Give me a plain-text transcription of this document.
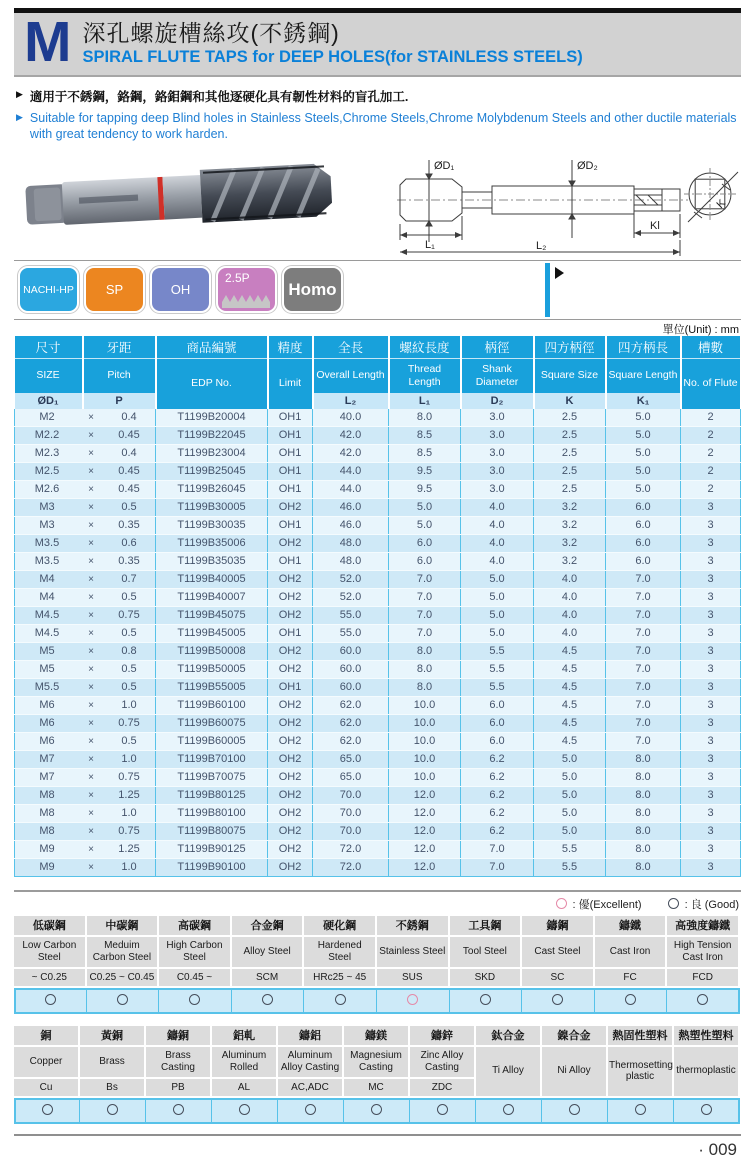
M 深孔螺旋槽絲攻(不銹鋼)
SPIRAL FLUTE TAPS for DEEP HOLES(for STAINLESS STEELS)
▶ 適用于不銹鋼，鉻鋼，鉻鉬鋼和其他逐硬化具有韌性材料的盲孔加工.
▶ Suitable for tapping deep Blind holes in Stainless Steels,Chrome Steels,Chrome Molybdenum Steels and other ductile materials with great tendency to work harden.
ØD₁	ØD₂
L₁	L₂
Kl
K
NACHI-HP	SP	OH
2.5P
Homo
單位(Unit) : mm
尺寸	牙距	商品編號	精度	全長	螺紋長度	柄徑	四方柄徑	四方柄長	槽數
SIZE	Pitch	EDP No.	Limit	Overall Length	Thread Length	Shank Diameter	Square Size	Square Length	No. of Flute
ØD₁	P			L₂	L₁	D₂	K	K₁	

M2 × 0.4		T1199B20004	OH1	40.0	8.0	3.0	2.5	5.0	2

M2.2 × 0.45		T1199B22045	OH1	42.0	8.5	3.0	2.5	5.0	2

M2.3 × 0.4		T1199B23004	OH1	42.0	8.5	3.0	2.5	5.0	2

M2.5 × 0.45		T1199B25045	OH1	44.0	9.5	3.0	2.5	5.0	2

M2.6 × 0.45		T1199B26045	OH1	44.0	9.5	3.0	2.5	5.0	2

M3 × 0.5		T1199B30005	OH2	46.0	5.0	4.0	3.2	6.0	3

M3 × 0.35		T1199B30035	OH1	46.0	5.0	4.0	3.2	6.0	3

M3.5 × 0.6		T1199B35006	OH2	48.0	6.0	4.0	3.2	6.0	3

M3.5 × 0.35		T1199B35035	OH1	48.0	6.0	4.0	3.2	6.0	3

M4 × 0.7		T1199B40005	OH2	52.0	7.0	5.0	4.0	7.0	3

M4 × 0.5		T1199B40007	OH2	52.0	7.0	5.0	4.0	7.0	3

M4.5 × 0.75		T1199B45075	OH2	55.0	7.0	5.0	4.0	7.0	3

M4.5 × 0.5		T1199B45005	OH1	55.0	7.0	5.0	4.0	7.0	3

M5 × 0.8		T1199B50008	OH2	60.0	8.0	5.5	4.5	7.0	3

M5 × 0.5		T1199B50005	OH2	60.0	8.0	5.5	4.5	7.0	3

M5.5 × 0.5		T1199B55005	OH1	60.0	8.0	5.5	4.5	7.0	3

M6 × 1.0		T1199B60100	OH2	62.0	10.0	6.0	4.5	7.0	3

M6 × 0.75		T1199B60075	OH2	62.0	10.0	6.0	4.5	7.0	3

M6 × 0.5		T1199B60005	OH2	62.0	10.0	6.0	4.5	7.0	3

M7 × 1.0		T1199B70100	OH2	65.0	10.0	6.2	5.0	8.0	3

M7 × 0.75		T1199B70075	OH2	65.0	10.0	6.2	5.0	8.0	3

M8 × 1.25		T1199B80125	OH2	70.0	12.0	6.2	5.0	8.0	3

M8 × 1.0		T1199B80100	OH2	70.0	12.0	6.2	5.0	8.0	3

M8 × 0.75		T1199B80075	OH2	70.0	12.0	6.2	5.0	8.0	3

M9 × 1.25		T1199B90125	OH2	72.0	12.0	7.0	5.5	8.0	3

M9 × 1.0		T1199B90100	OH2	72.0	12.0	7.0	5.5	8.0	3
: 優(Excellent)	: 良 (Good)
低碳鋼	中碳鋼	高碳鋼	合金鋼	硬化鋼	不銹鋼	工具鋼	鑄鋼	鑄鐵	高強度鑄鐵
Low Carbon Steel	Meduim Carbon Steel	High Carbon Steel	Alloy Steel	Hardened Steel	Stainless Steel	Tool Steel	Cast Steel	Cast Iron	High Tension Cast Iron
~ C0.25	C0.25 ~ C0.45	C0.45 ~	SCM	HRc25 ~ 45	SUS	SKD	SC	FC	FCD

銅	黃銅	鑄銅	鋁軋	鑄鋁	鑄鎂	鑄鋅	鈦合金	鎳合金	熱固性塑料	熱塑性塑料
Copper	Brass	Brass Casting	Aluminum Rolled	Aluminum Alloy Casting	Magnesium Casting	Zinc Alloy Casting	Ti Alloy	Ni Alloy	Thermosetting plastic	thermoplastic
Cu	Bs	PB	AL	AC,ADC	MC	ZDC				

· 009
